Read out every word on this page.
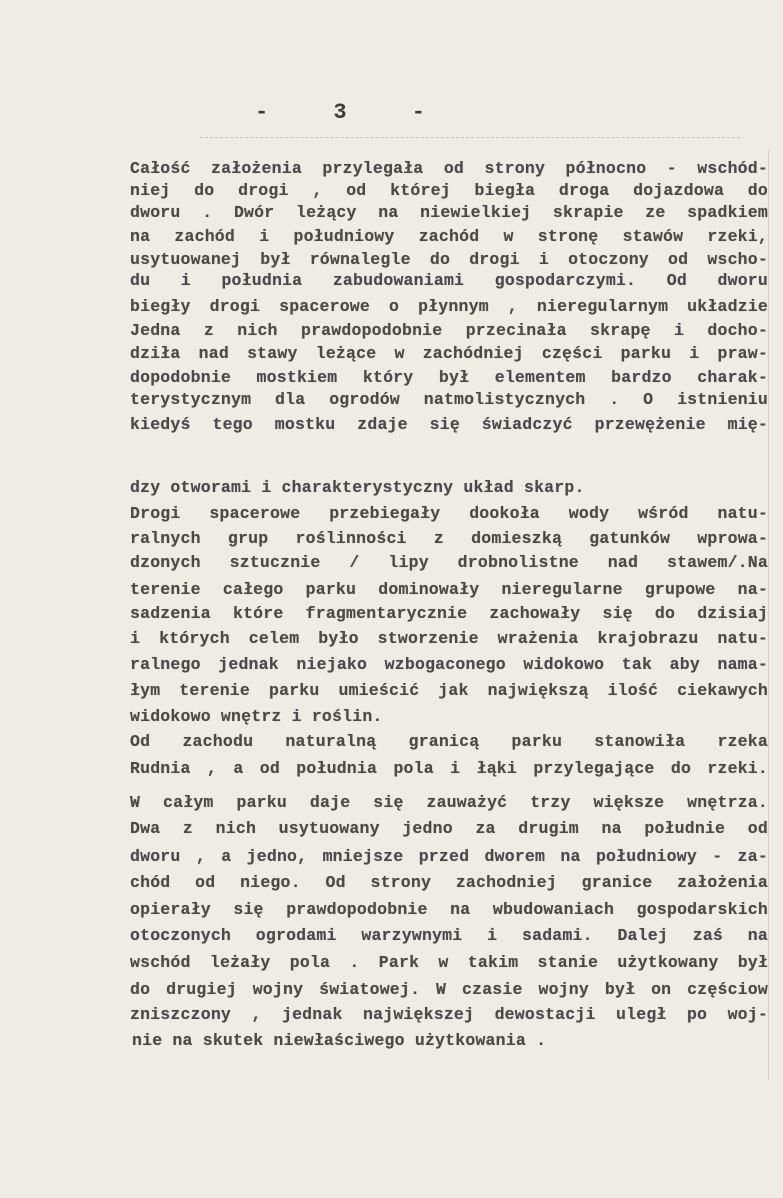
-	3	-
Całość założenia przylegała od strony północno - wschód-
niej do drogi , od której biegła droga dojazdowa do
dworu . Dwór leżący na niewielkiej skrapie ze spadkiem
na zachód i południowy zachód w stronę stawów rzeki,
usytuowanej był równalegle do drogi i otoczony od wscho-
du i południa zabudowaniami gospodarczymi. Od dworu
biegły drogi spacerowe o płynnym , nieregularnym układzie
Jedna z nich prawdopodobnie przecinała skrapę i docho-
dziła nad stawy leżące w zachódniej części parku i praw-
dopodobnie mostkiem który był elementem bardzo charak-
terystycznym dla ogrodów natmolistycznych . O istnieniu
kiedyś tego mostku zdaje się świadczyć przewężenie mię-
dzy otworami i charakterystyczny układ skarp.
Drogi spacerowe przebiegały dookoła wody wśród natu-
ralnych grup roślinności z domieszką gatunków wprowa-
dzonych sztucznie / lipy drobnolistne nad stawem/.Na
terenie całego parku dominowały nieregularne grupowe na-
sadzenia które fragmentarycznie zachowały się do dzisiaj
i których celem było stworzenie wrażenia krajobrazu natu-
ralnego jednak niejako wzbogaconego widokowo tak aby nama-
łym terenie parku umieścić jak największą ilość ciekawych
widokowo wnętrz i roślin.
Od zachodu naturalną granicą parku stanowiła rzeka
Rudnia , a od południa pola i łąki przylegające do rzeki.
W całym parku daje się zauważyć trzy większe wnętrza.
Dwa z nich usytuowany jedno za drugim na południe od
dworu , a jedno, mniejsze przed dworem na południowy - za-
chód od niego. Od strony zachodniej granice założenia
opierały się prawdopodobnie na wbudowaniach gospodarskich
otoczonych ogrodami warzywnymi i sadami. Dalej zaś na
wschód leżały pola . Park w takim stanie użytkowany był
do drugiej wojny światowej. W czasie wojny był on częściow
zniszczony , jednak największej dewostacji uległ po woj-
nie na skutek niewłaściwego użytkowania .
